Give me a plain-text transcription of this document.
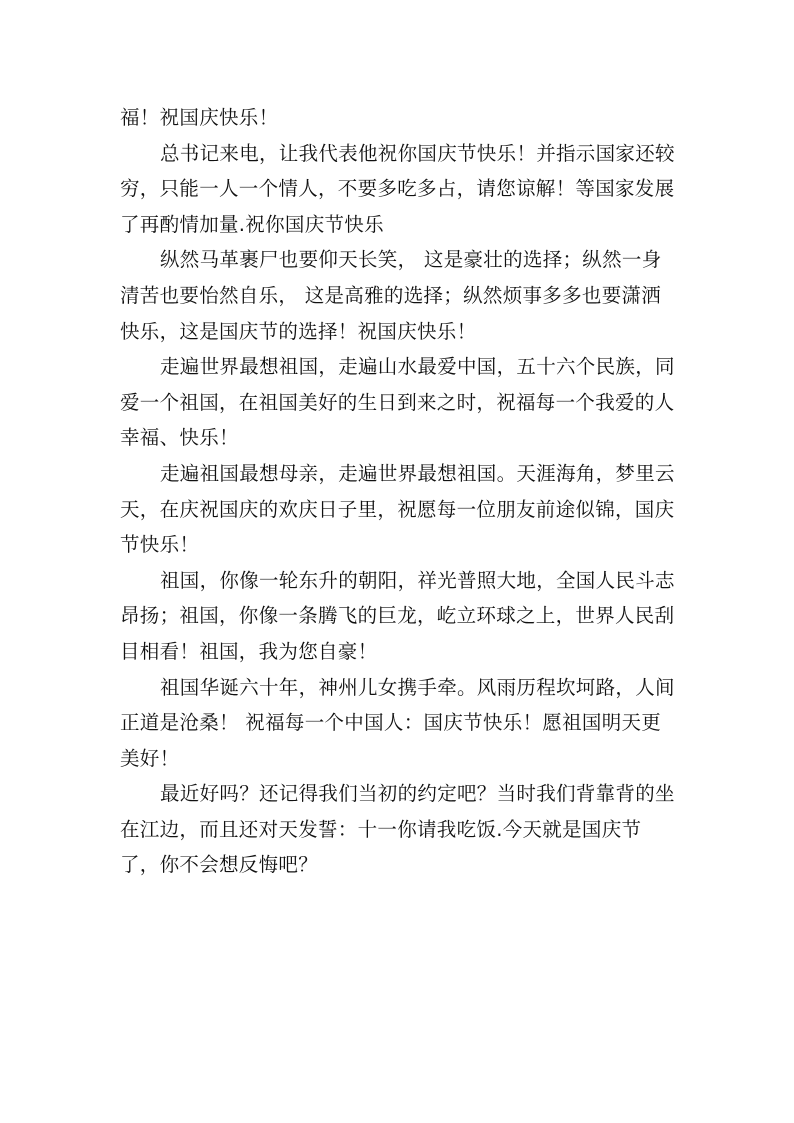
福！祝国庆快乐！

总书记来电，让我代表他祝你国庆节快乐！并指示国家还较穷，只能一人一个情人，不要多吃多占，请您谅解！等国家发展了再酌情加量.祝你国庆节快乐

纵然马革裹尸也要仰天长笑， 这是豪壮的选择；纵然一身清苦也要怡然自乐， 这是高雅的选择；纵然烦事多多也要潇洒快乐，这是国庆节的选择！祝国庆快乐！

走遍世界最想祖国，走遍山水最爱中国，五十六个民族，同爱一个祖国，在祖国美好的生日到来之时，祝福每一个我爱的人幸福、快乐！

走遍祖国最想母亲，走遍世界最想祖国。天涯海角，梦里云天，在庆祝国庆的欢庆日子里，祝愿每一位朋友前途似锦，国庆节快乐！

祖国，你像一轮东升的朝阳，祥光普照大地，全国人民斗志昂扬；祖国，你像一条腾飞的巨龙，屹立环球之上，世界人民刮目相看！祖国，我为您自豪！

祖国华诞六十年，神州儿女携手牵。风雨历程坎坷路，人间正道是沧桑！ 祝福每一个中国人：国庆节快乐！愿祖国明天更美好！

最近好吗？还记得我们当初的约定吧？当时我们背靠背的坐在江边，而且还对天发誓：十一你请我吃饭.今天就是国庆节了，你不会想反悔吧？
